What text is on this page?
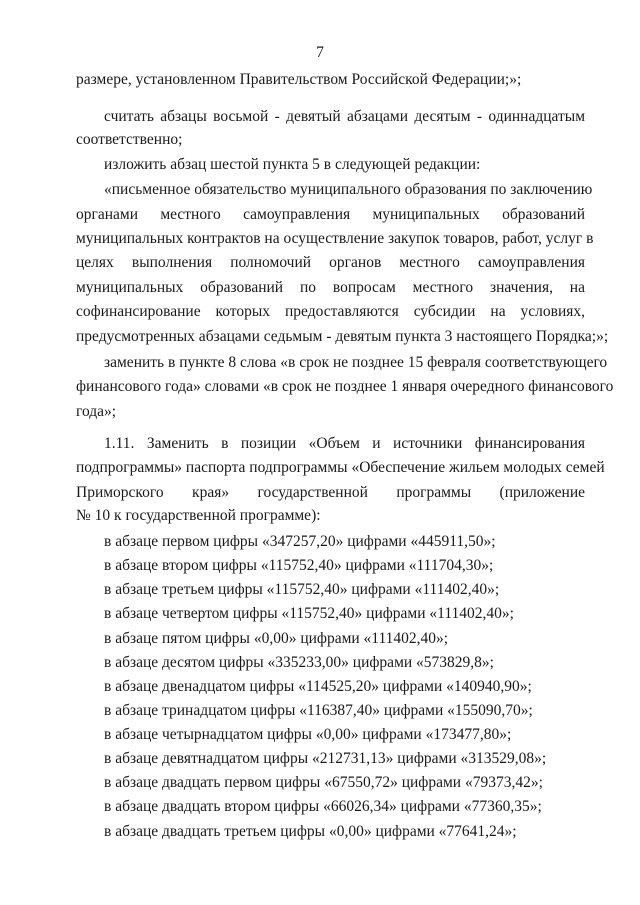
7
размере, установленном Правительством Российской Федерации;»;
считать абзацы восьмой - девятый абзацами десятым - одиннадцатым
соответственно;
изложить абзац шестой пункта 5 в следующей редакции:
«письменное обязательство муниципального образования по заключению
органами местного самоуправления муниципальных образований
муниципальных контрактов на осуществление закупок товаров, работ, услуг в
целях выполнения полномочий органов местного самоуправления
муниципальных образований по вопросам местного значения, на
софинансирование которых предоставляются субсидии на условиях,
предусмотренных абзацами седьмым - девятым пункта 3 настоящего Порядка;»;
заменить в пункте 8 слова «в срок не позднее 15 февраля соответствующего
финансового года» словами «в срок не позднее 1 января очередного финансового
года»;
1.11. Заменить в позиции «Объем и источники финансирования
подпрограммы» паспорта подпрограммы «Обеспечение жильем молодых семей
Приморского края» государственной программы (приложение
№ 10 к государственной программе):
в абзаце первом цифры «347257,20» цифрами «445911,50»;
в абзаце втором цифры «115752,40» цифрами «111704,30»;
в абзаце третьем цифры «115752,40» цифрами «111402,40»;
в абзаце четвертом цифры «115752,40» цифрами «111402,40»;
в абзаце пятом цифры «0,00» цифрами «111402,40»;
в абзаце десятом цифры «335233,00» цифрами «573829,8»;
в абзаце двенадцатом цифры «114525,20» цифрами «140940,90»;
в абзаце тринадцатом цифры «116387,40» цифрами «155090,70»;
в абзаце четырнадцатом цифры «0,00» цифрами «173477,80»;
в абзаце девятнадцатом цифры «212731,13» цифрами «313529,08»;
в абзаце двадцать первом цифры «67550,72» цифрами «79373,42»;
в абзаце двадцать втором цифры «66026,34» цифрами «77360,35»;
в абзаце двадцать третьем цифры «0,00» цифрами «77641,24»;
